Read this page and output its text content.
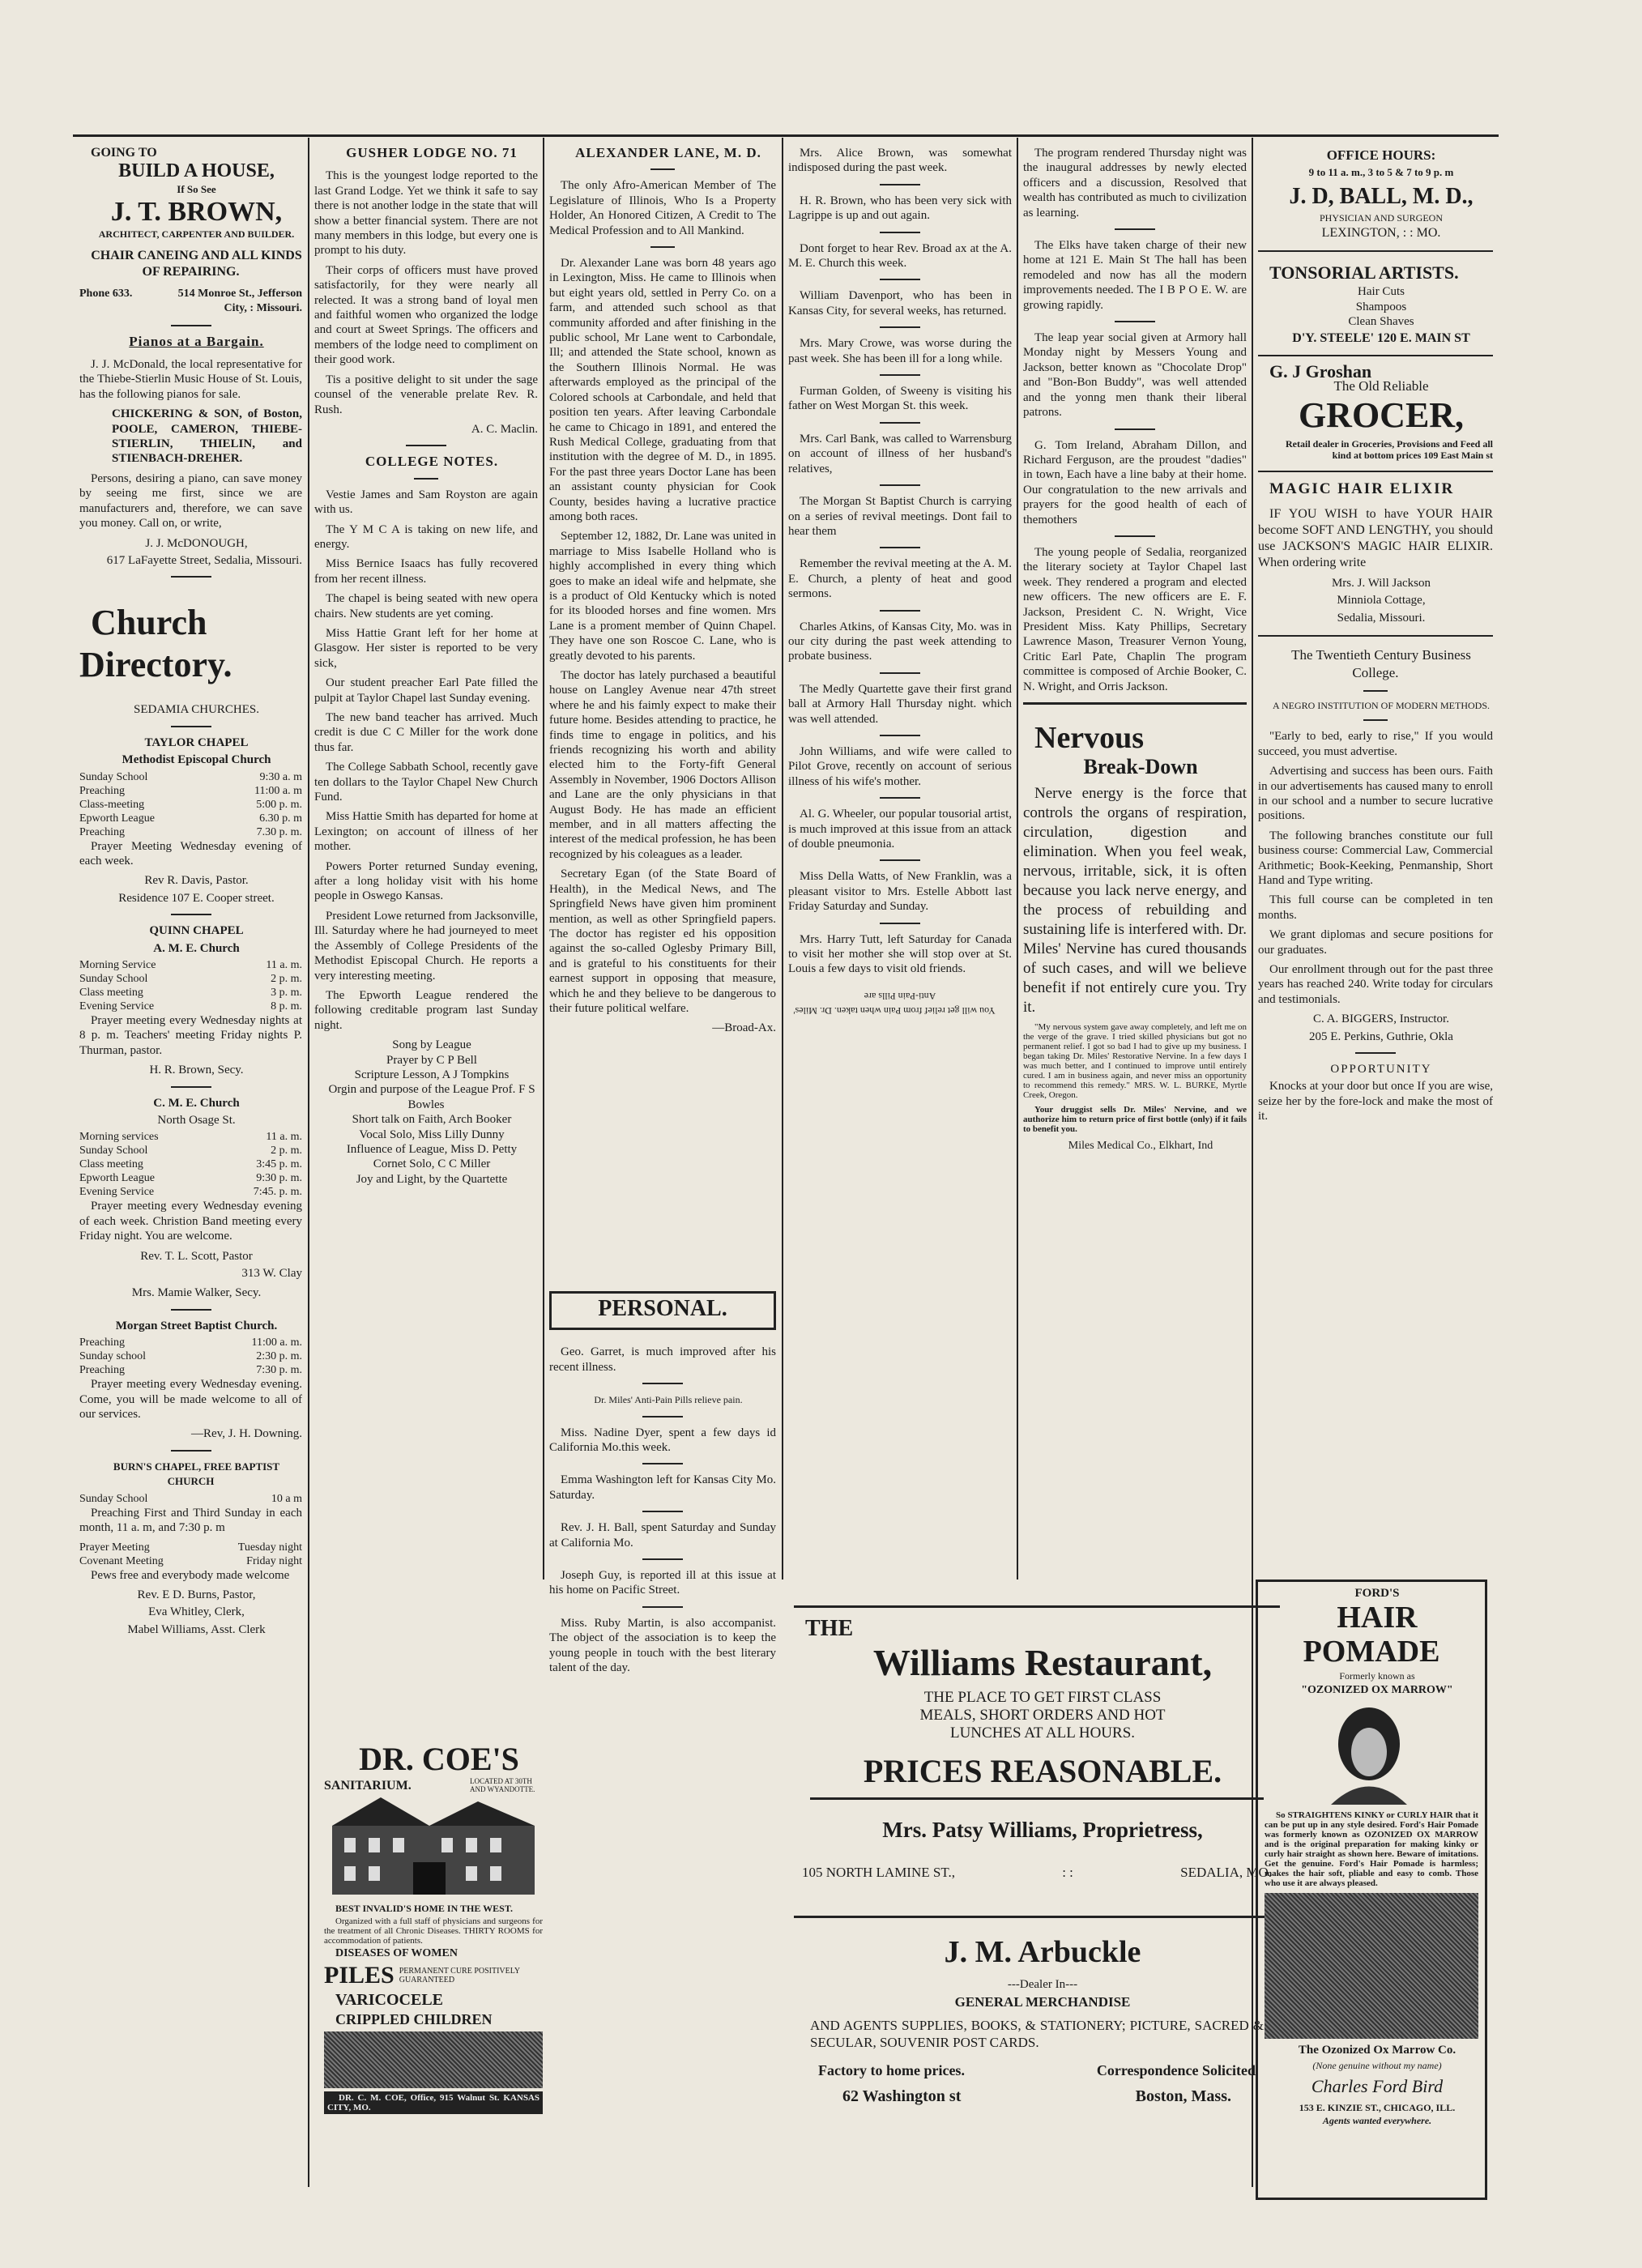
GOING TO

BUILD A HOUSE,

If So See

J. T. BROWN,

ARCHITECT, CARPENTER AND BUILDER.

CHAIR CANEING AND ALL KINDS OF REPAIRING.

Phone 633.	514 Monroe St., Jefferson City, : Missouri.

Pianos at a Bargain.

J. J. McDonald, the local representative for the Thiebe-Stierlin Music House of St. Louis, has the following pianos for sale.

CHICKERING & SON, of Boston, POOLE, CAMERON, THIEBE-STIERLIN, THIELIN, and STIENBACH-DREHER.

Persons, desiring a piano, can save money by seeing me first, since we are manufacturers and, therefore, we can save you money. Call on, or write,

J. J. McDONOUGH,

617 LaFayette Street, Sedalia, Missouri.

Church Directory.

SEDAMIA CHURCHES.

TAYLOR CHAPEL

Methodist Episcopal Church

Sunday School	9:30 a. m
Preaching	11:00 a. m
Class-meeting	5:00 p. m.
Epworth League	6.30 p. m
Preaching	7.30 p. m.

Prayer Meeting Wednesday evening of each week.

Rev R. Davis, Pastor.

Residence 107 E. Cooper street.

QUINN CHAPEL

A. M. E. Church

Morning Service	11 a. m.
Sunday School	2 p. m.
Class meeting	3 p. m.
Evening Service	8 p. m.

Prayer meeting every Wednesday nights at 8 p. m. Teachers' meeting Friday nights P. Thurman, pastor.

H. R. Brown, Secy.

C. M. E. Church

North Osage St.

Morning services	11 a. m.
Sunday School	2 p. m.
Class meeting	3:45 p. m.
Epworth League	9:30 p. m.
Evening Service	7:45. p. m.

Prayer meeting every Wednesday evening of each week. Christion Band meeting every Friday night. You are welcome.

Rev. T. L. Scott, Pastor

313 W. Clay

Mrs. Mamie Walker, Secy.

Morgan Street Baptist Church.

Preaching	11:00 a. m.
Sunday school	2:30 p. m.
Preaching	7:30 p. m.

Prayer meeting every Wednesday evening. Come, you will be made welcome to all of our services.

—Rev, J. H. Downing.

BURN'S CHAPEL, FREE BAPTIST CHURCH

Sunday School	10 a m

Preaching First and Third Sunday in each month, 11 a. m, and 7:30 p. m

Prayer Meeting	Tuesday night
Covenant Meeting	Friday night

Pews free and everybody made welcome

Rev. E D. Burns, Pastor,

Eva Whitley, Clerk,

Mabel Williams, Asst. Clerk

GUSHER LODGE NO. 71

This is the youngest lodge reported to the last Grand Lodge. Yet we think it safe to say there is not another lodge in the state that will show a better financial system. There are not many members in this lodge, but every one is prompt to his duty.

Their corps of officers must have proved satisfactorily, for they were nearly all relected. It was a strong band of loyal men and faithful women who organized the lodge and court at Sweet Springs. The officers and members of the lodge need to compliment on their good work.

Tis a positive delight to sit under the sage counsel of the venerable prelate Rev. R. Rush.

A. C. Maclin.

COLLEGE NOTES.

Vestie James and Sam Royston are again with us.

The Y M C A is taking on new life, and energy.

Miss Bernice Isaacs has fully recovered from her recent illness.

The chapel is being seated with new opera chairs. New students are yet coming.

Miss Hattie Grant left for her home at Glasgow. Her sister is reported to be very sick,

Our student preacher Earl Pate filled the pulpit at Taylor Chapel last Sunday evening.

The new band teacher has arrived. Much credit is due C C Miller for the work done thus far.

The College Sabbath School, recently gave ten dollars to the Taylor Chapel New Church Fund.

Miss Hattie Smith has departed for home at Lexington; on account of illness of her mother.

Powers Porter returned Sunday evening, after a long holiday visit with his home people in Oswego Kansas.

President Lowe returned from Jacksonville, Ill. Saturday where he had journeyed to meet the Assembly of College Presidents of the Methodist Episcopal Church. He reports a very interesting meeting.

The Epworth League rendered the following creditable program last Sunday night.

Song by League

Prayer by C P Bell

Scripture Lesson, A J Tompkins

Orgin and purpose of the League Prof. F S Bowles

Short talk on Faith, Arch Booker

Vocal Solo, Miss Lilly Dunny

Influence of League, Miss D. Petty

Cornet Solo, C C Miller

Joy and Light, by the Quartette

DR. COE'S

SANITARIUM.	LOCATED AT 30TH AND WYANDOTTE.

BEST INVALID'S HOME IN THE WEST.

Organized with a full staff of physicians and surgeons for the treatment of all Chronic Diseases. THIRTY ROOMS for accommodation of patients.

DISEASES OF WOMEN

PILES PERMANENT CURE POSITIVELY GUARANTEED

VARICOCELE

CRIPPLED CHILDREN

DR. C. M. COE, Office, 915 Walnut St. KANSAS CITY, MO.

ALEXANDER LANE, M. D.

The only Afro-American Member of The Legislature of Illinois, Who Is a Property Holder, An Honored Citizen, A Credit to The Medical Profession and to All Mankind.

Dr. Alexander Lane was born 48 years ago in Lexington, Miss. He came to Illinois when but eight years old, settled in Perry Co. on a farm, and attended such school as that community afforded and after finishing in the public school, Mr Lane went to Carbondale, Ill; and attended the State school, known as the Southern Illinois Normal. He was afterwards employed as the principal of the Colored schools at Carbondale, and held that position ten years. After leaving Carbondale he came to Chicago in 1891, and entered the Rush Medical College, graduating from that institution with the degree of M. D., in 1895. For the past three years Doctor Lane has been an assistant county physician for Cook County, besides having a lucrative practice among both races.

September 12, 1882, Dr. Lane was united in marriage to Miss Isabelle Holland who is highly accomplished in every thing which goes to make an ideal wife and helpmate, she is a product of Old Kentucky which is noted for its blooded horses and fine women. Mrs Lane is a proment member of Quinn Chapel. They have one son Roscoe C. Lane, who is greatly devoted to his parents.

The doctor has lately purchased a beautiful house on Langley Avenue near 47th street where he and his faimly expect to make their future home. Besides attending to practice, he finds time to engage in politics, and his friends recognizing his worth and ability elected him to the Forty-fift General Assembly in November, 1906 Doctors Allison and Lane are the only physicians in that August Body. He has made an efficient member, and in all matters affecting the interest of the medical profession, he has been recognized by his coleagues as a leader.

Secretary Egan (of the State Board of Health), in the Medical News, and The Springfield News have given him prominent mention, as well as other Springfield papers. The doctor has register ed his opposition against the so-called Oglesby Primary Bill, and is grateful to his constituents for their earnest support in opposing that measure, which he and they believe to be dangerous to their future political welfare.

—Broad-Ax.

PERSONAL.

Geo. Garret, is much improved after his recent illness.

Dr. Miles' Anti-Pain Pills relieve pain.

Miss. Nadine Dyer, spent a few days id California Mo.this week.

Emma Washington left for Kansas City Mo. Saturday.

Rev. J. H. Ball, spent Saturday and Sunday at California Mo.

Joseph Guy, is reported ill at this issue at his home on Pacific Street.

Miss. Ruby Martin, is also accompanist. The object of the association is to keep the young people in touch with the best literary talent of the day.

Mrs. Alice Brown, was somewhat indisposed during the past week.

H. R. Brown, who has been very sick with Lagrippe is up and out again.

Dont forget to hear Rev. Broad ax at the A. M. E. Church this week.

William Davenport, who has been in Kansas City, for several weeks, has returned.

Mrs. Mary Crowe, was worse during the past week. She has been ill for a long while.

Furman Golden, of Sweeny is visiting his father on West Morgan St. this week.

Mrs. Carl Bank, was called to Warrensburg on account of illness of her husband's relatives,

The Morgan St Baptist Church is carrying on a series of revival meetings. Dont fail to hear them

Remember the revival meeting at the A. M. E. Church, a plenty of heat and good sermons.

Charles Atkins, of Kansas City, Mo. was in our city during the past week attending to probate business.

The Medly Quartette gave their first grand ball at Armory Hall Thursday night. which was well attended.

John Williams, and wife were called to Pilot Grove, recently on account of serious illness of his wife's mother.

Al. G. Wheeler, our popular tousorial artist, is much improved at this issue from an attack of double pneumonia.

Miss Della Watts, of New Franklin, was a pleasant visitor to Mrs. Estelle Abbott last Friday Saturday and Sunday.

Mrs. Harry Tutt, left Saturday for Canada to visit her mother she will stop over at St. Louis a few days to visit old friends.

You will get relief from Pain when taken. Dr. Miles' Anti-Pain Pills are

The program rendered Thursday night was the inaugural addresses by newly elected officers and a discussion, Resolved that wealth has contributed as much to civilization as learning.

The Elks have taken charge of their new home at 121 E. Main St The hall has been remodeled and now has all the modern improvements needed. The I B P O E. W. are growing rapidly.

The leap year social given at Armory hall Monday night by Messers Young and Jackson, better known as "Chocolate Drop" and "Bon-Bon Buddy", was well attended and the yonng men thank their liberal patrons.

G. Tom Ireland, Abraham Dillon, and Richard Ferguson, are the proudest "dadies" in town, Each have a line baby at their home. Our congratulation to the new arrivals and prayers for the good health of each of themothers

The young people of Sedalia, reorganized the literary society at Taylor Chapel last week. They rendered a program and elected new officers. The new officers are E. F. Jackson, President C. N. Wright, Vice President Miss. Katy Phillips, Secretary Lawrence Mason, Treasurer Vernon Young, Critic Earl Pate, Chaplin The program committee is composed of Archie Booker, C. N. Wright, and Orris Jackson.

Nervous

Break-Down

Nerve energy is the force that controls the organs of respiration, circulation, digestion and elimination. When you feel weak, nervous, irritable, sick, it is often because you lack nerve energy, and the process of rebuilding and sustaining life is interfered with. Dr. Miles' Nervine has cured thousands of such cases, and will we believe benefit if not entirely cure you. Try it.

"My nervous system gave away completely, and left me on the verge of the grave. I tried skilled physicians but got no permanent relief. I got so bad I had to give up my business. I began taking Dr. Miles' Restorative Nervine. In a few days I was much better, and I continued to improve until entirely cured. I am in business again, and never miss an opportunity to recommend this remedy." MRS. W. L. BURKE, Myrtle Creek, Oregon.

Your druggist sells Dr. Miles' Nervine, and we authorize him to return price of first bottle (only) if it fails to benefit you.

Miles Medical Co., Elkhart, Ind

THE

Williams Restaurant,

THE PLACE TO GET FIRST CLASS

MEALS, SHORT ORDERS AND HOT

LUNCHES AT ALL HOURS.

PRICES REASONABLE.

Mrs. Patsy Williams, Proprietress,

105 NORTH LAMINE ST.,	: :	SEDALIA, MO.

J. M. Arbuckle

---Dealer In---

GENERAL MERCHANDISE

AND AGENTS SUPPLIES, BOOKS, & STATIONERY; PICTURE, SACRED & SECULAR, SOUVENIR POST CARDS.

Factory to home prices.	Correspondence Solicited
62 Washington st	Boston, Mass.

OFFICE HOURS:

9 to 11 a. m., 3 to 5 & 7 to 9 p. m

J. D, BALL, M. D.,

PHYSICIAN AND SURGEON

LEXINGTON, : : MO.

TONSORIAL ARTISTS.

Hair Cuts

Shampoos

Clean Shaves

D'Y. STEELE' 120 E. MAIN ST

G. J Groshan

The Old Reliable

GROCER,

Retail dealer in Groceries, Provisions and Feed all kind at bottom prices 109 East Main st

MAGIC HAIR ELIXIR

IF YOU WISH to have YOUR HAIR become SOFT AND LENGTHY, you should use JACKSON'S MAGIC HAIR ELIXIR. When ordering write

Mrs. J. Will Jackson

Minniola Cottage,

Sedalia, Missouri.

The Twentieth Century Business College.

A NEGRO INSTITUTION OF MODERN METHODS.

"Early to bed, early to rise," If you would succeed, you must advertise.

Advertising and success has been ours. Faith in our advertisements has caused many to enroll in our school and a number to secure lucrative positions.

The following branches constitute our full business course: Commercial Law, Commercial Arithmetic; Book-Keeking, Penmanship, Short Hand and Type writing.

This full course can be completed in ten months.

We grant diplomas and secure positions for our graduates.

Our enrollment through out for the past three years has reached 240. Write today for circulars and testimonials.

C. A. BIGGERS, Instructor.

205 E. Perkins, Guthrie, Okla

OPPORTUNITY

Knocks at your door but once If you are wise, seize her by the fore-lock and make the most of it.

FORD'S

HAIR POMADE

Formerly known as

"OZONIZED OX MARROW"

So STRAIGHTENS KINKY or CURLY HAIR that it can be put up in any style desired. Ford's Hair Pomade was formerly known as OZONIZED OX MARROW and is the original preparation for making kinky or curly hair straight as shown here. Beware of imitations. Get the genuine. Ford's Hair Pomade is harmless; makes the hair soft, pliable and easy to comb. Those who use it are always pleased.

The Ozonized Ox Marrow Co.

(None genuine without my name)

Charles Ford Bird

153 E. KINZIE ST., CHICAGO, ILL.

Agents wanted everywhere.
